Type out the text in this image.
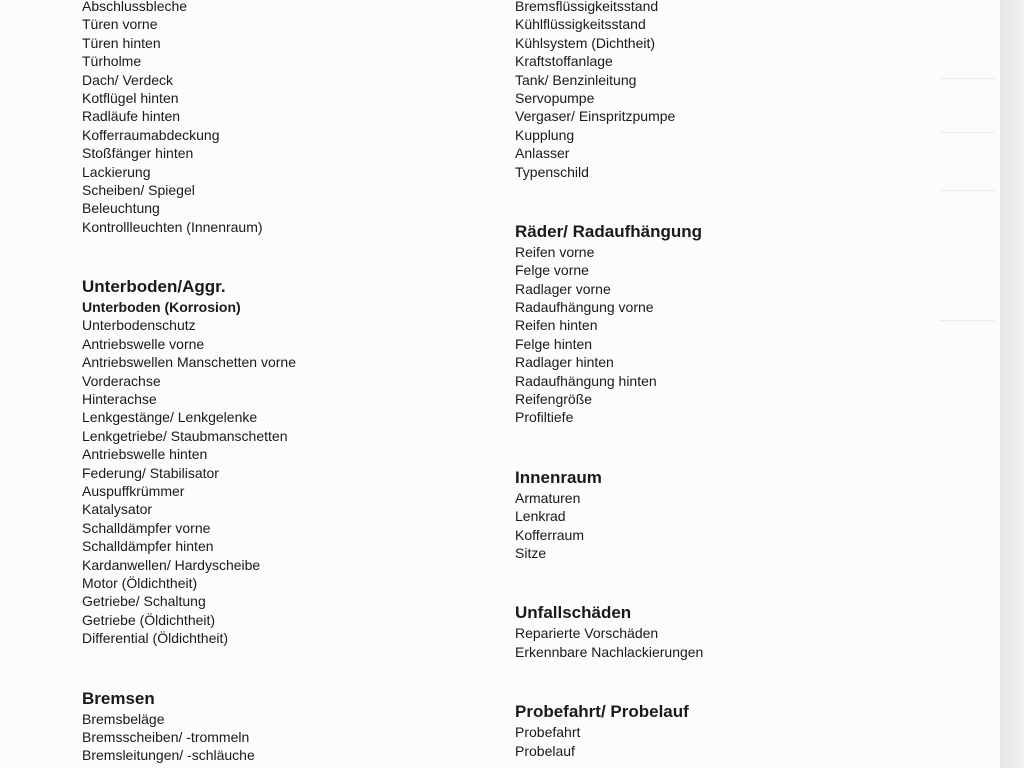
Abschlussbleche
Türen vorne
Türen hinten
Türholme
Dach/ Verdeck
Kotflügel hinten
Radläufe hinten
Kofferraumabdeckung
Stoßfänger hinten
Lackierung
Scheiben/ Spiegel
Beleuchtung
Kontrollleuchten (Innenraum)
Unterboden/Aggr.
Unterboden (Korrosion)
Unterbodenschutz
Antriebswelle vorne
Antriebswellen Manschetten vorne
Vorderachse
Hinterachse
Lenkgestänge/ Lenkgelenke
Lenkgetriebe/ Staubmanschetten
Antriebswelle hinten
Federung/ Stabilisator
Auspuffkrümmer
Katalysator
Schalldämpfer vorne
Schalldämpfer hinten
Kardanwellen/ Hardyscheibe
Motor (Öldichtheit)
Getriebe/ Schaltung
Getriebe (Öldichtheit)
Differential (Öldichtheit)
Bremsen
Bremsbeläge
Bremsscheiben/ -trommeln
Bremsleitungen/ -schläuche
Bremsflüssigkeitsstand
Kühlflüssigkeitsstand
Kühlsystem (Dichtheit)
Kraftstoffanlage
Tank/ Benzinleitung
Servopumpe
Vergaser/ Einspritzpumpe
Kupplung
Anlasser
Typenschild
Räder/ Radaufhängung
Reifen vorne
Felge vorne
Radlager vorne
Radaufhängung vorne
Reifen hinten
Felge hinten
Radlager hinten
Radaufhängung hinten
Reifengröße
Profiltiefe
Innenraum
Armaturen
Lenkrad
Kofferraum
Sitze
Unfallschäden
Reparierte Vorschäden
Erkennbare Nachlackierungen
Probefahrt/ Probelauf
Probefahrt
Probelauf
